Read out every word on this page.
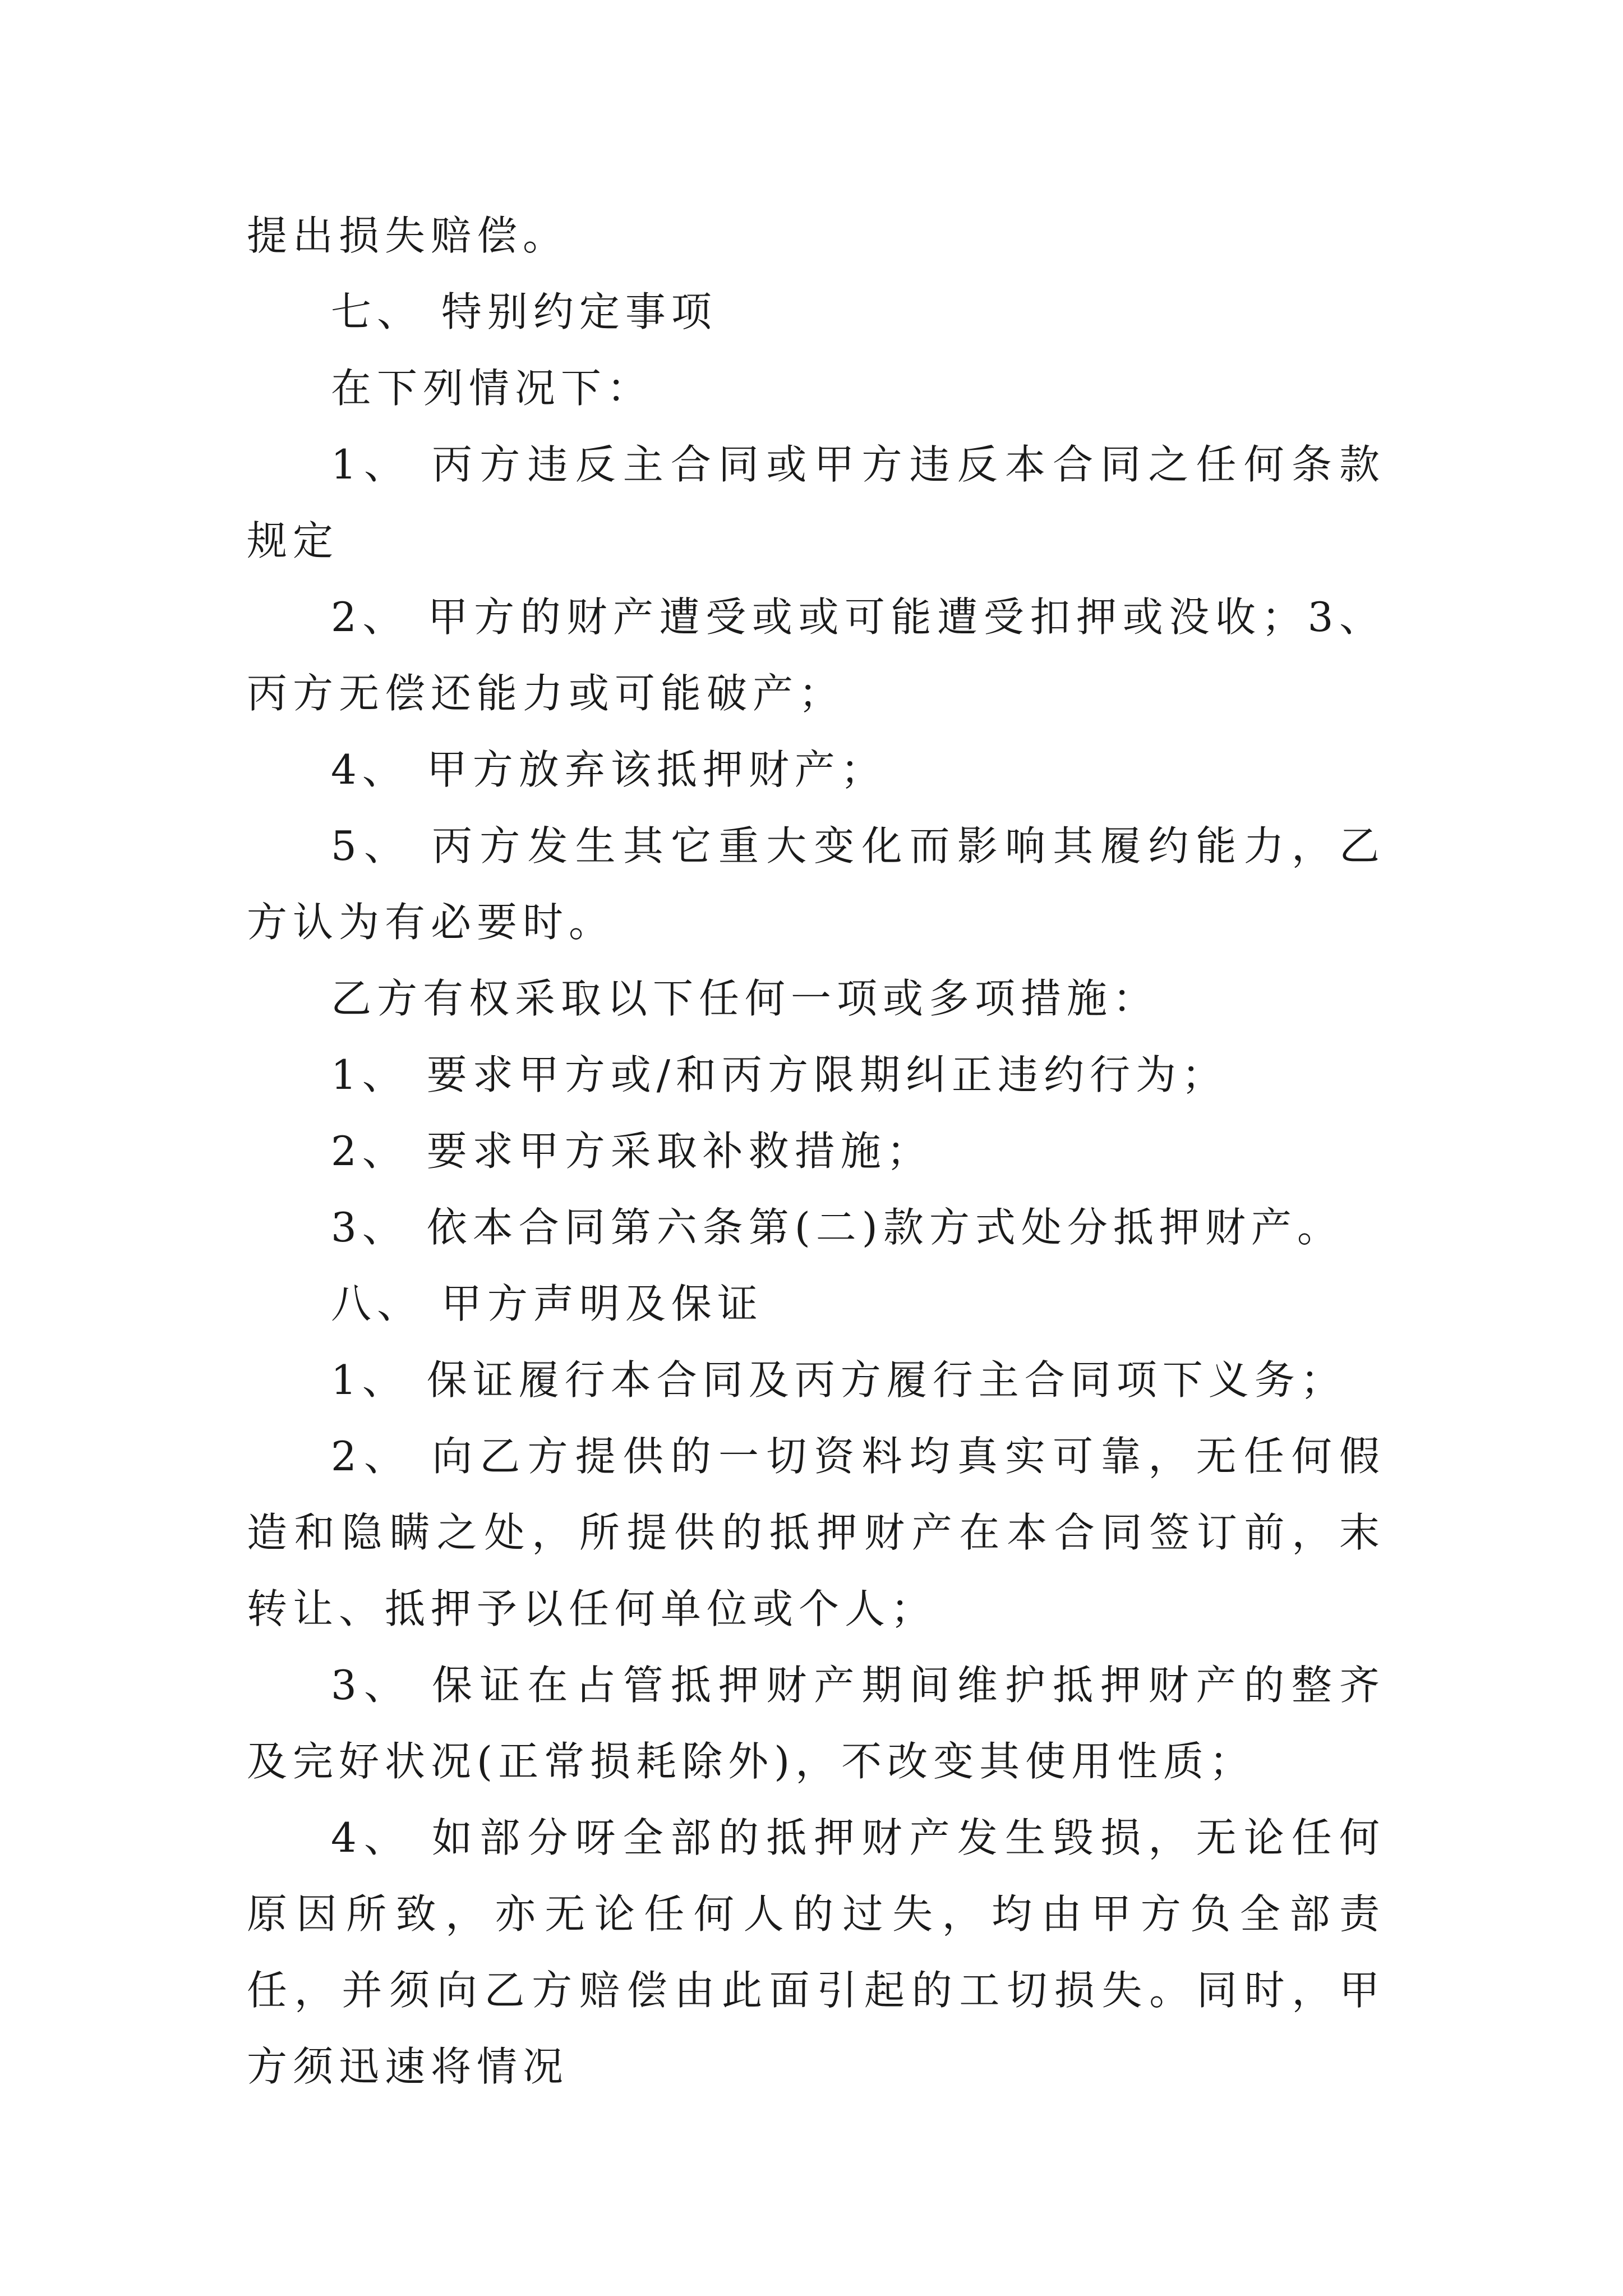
提出损失赔偿。

七、 特别约定事项

在下列情况下：

1、 丙方违反主合同或甲方违反本合同之任何条款规定

2、 甲方的财产遭受或或可能遭受扣押或没收；3、 丙方无偿还能力或可能破产；

4、 甲方放弃该抵押财产；

5、 丙方发生其它重大变化而影响其履约能力，乙方认为有必要时。

乙方有权采取以下任何一项或多项措施：

1、 要求甲方或/和丙方限期纠正违约行为；

2、 要求甲方采取补救措施；

3、 依本合同第六条第(二)款方式处分抵押财产。

八、 甲方声明及保证

1、 保证履行本合同及丙方履行主合同项下义务；

2、 向乙方提供的一切资料均真实可靠，无任何假造和隐瞒之处，所提供的抵押财产在本合同签订前，末转让、抵押予以任何单位或个人；

3、 保证在占管抵押财产期间维护抵押财产的整齐及完好状况(正常损耗除外)，不改变其使用性质；

4、 如部分呀全部的抵押财产发生毁损，无论任何原因所致，亦无论任何人的过失，均由甲方负全部责任，并须向乙方赔偿由此面引起的工切损失。同时，甲方须迅速将情况
